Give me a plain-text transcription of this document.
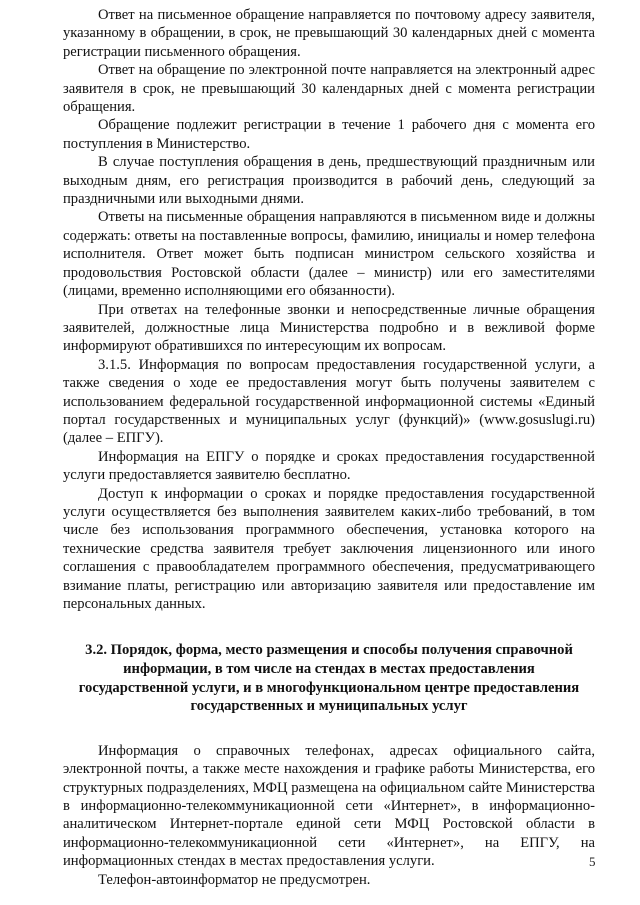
Ответ на письменное обращение направляется по почтовому адресу заявителя, указанному в обращении, в срок, не превышающий 30 календарных дней с момента регистрации письменного обращения.

Ответ на обращение по электронной почте направляется на электронный адрес заявителя в срок, не превышающий 30 календарных дней с момента регистрации обращения.

Обращение подлежит регистрации в течение 1 рабочего дня с момента его поступления в Министерство.

В случае поступления обращения в день, предшествующий праздничным или выходным дням, его регистрация производится в рабочий день, следующий за праздничными или выходными днями.

Ответы на письменные обращения направляются в письменном виде и должны содержать: ответы на поставленные вопросы, фамилию, инициалы и номер телефона исполнителя. Ответ может быть подписан министром сельского хозяйства и продовольствия Ростовской области (далее – министр) или его заместителями (лицами, временно исполняющими его обязанности).

При ответах на телефонные звонки и непосредственные личные обращения заявителей, должностные лица Министерства подробно и в вежливой форме информируют обратившихся по интересующим их вопросам.

3.1.5. Информация по вопросам предоставления государственной услуги, а также сведения о ходе ее предоставления могут быть получены заявителем с использованием федеральной государственной информационной системы «Единый портал государственных и муниципальных услуг (функций)» (www.gosuslugi.ru) (далее – ЕПГУ).

Информация на ЕПГУ о порядке и сроках предоставления государственной услуги предоставляется заявителю бесплатно.

Доступ к информации о сроках и порядке предоставления государственной услуги осуществляется без выполнения заявителем каких-либо требований, в том числе без использования программного обеспечения, установка которого на технические средства заявителя требует заключения лицензионного или иного соглашения с правообладателем программного обеспечения, предусматривающего взимание платы, регистрацию или авторизацию заявителя или предоставление им персональных данных.

3.2. Порядок, форма, место размещения и способы получения справочной информации, в том числе на стендах в местах предоставления государственной услуги, и в многофункциональном центре предоставления государственных и муниципальных услуг

Информация о справочных телефонах, адресах официального сайта, электронной почты, а также месте нахождения и графике работы Министерства, его структурных подразделениях, МФЦ размещена на официальном сайте Министерства в информационно-телекоммуникационной сети «Интернет», в информационно-аналитическом Интернет-портале единой сети МФЦ Ростовской области в информационно-телекоммуникационной сети «Интернет», на ЕПГУ, на информационных стендах в местах предоставления услуги.

Телефон-автоинформатор не предусмотрен.

5
